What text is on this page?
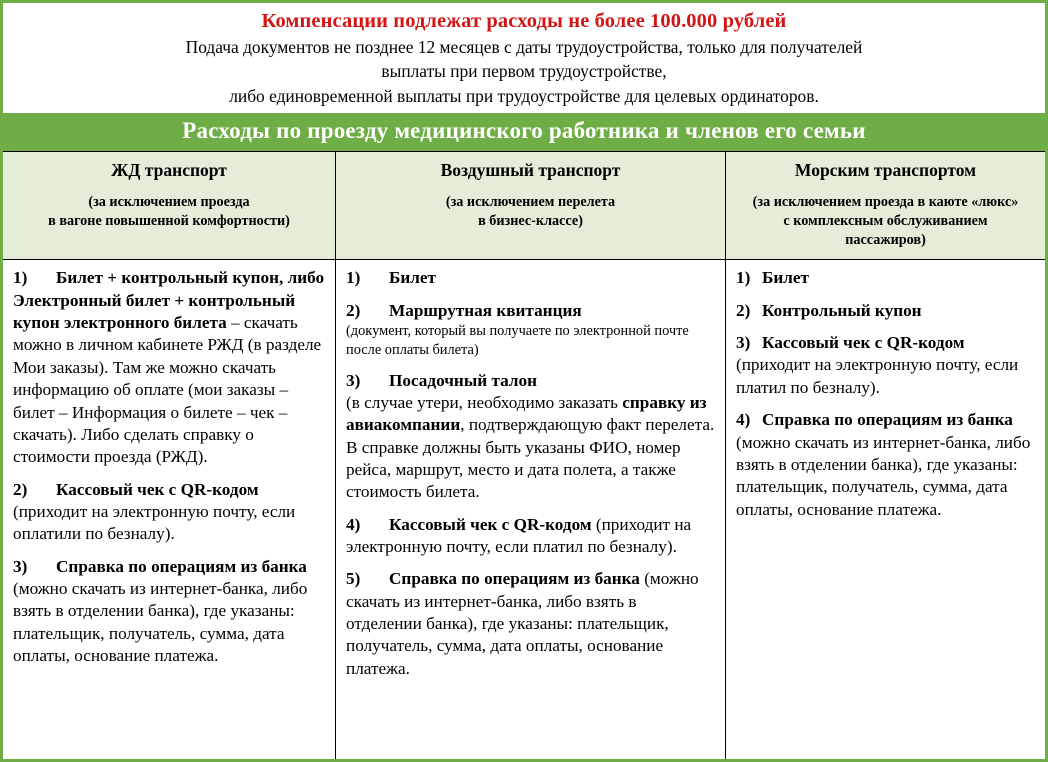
Компенсации подлежат расходы не более 100.000 рублей
Подача документов не позднее 12 месяцев с даты трудоустройства, только для получателей
выплаты при первом трудоустройстве,
либо единовременной выплаты при трудоустройстве для целевых ординаторов.
Расходы по проезду медицинского работника и членов его семьи
ЖД транспорт
(за исключением проезда
в вагоне повышенной комфортности)
Воздушный транспорт
(за исключением перелета
в бизнес-классе)
Морским транспортом
(за исключением проезда в каюте «люкс»
с комплексным обслуживанием
пассажиров)
1) Билет + контрольный купон, либо Электронный билет + контрольный купон электронного билета – скачать можно в личном кабинете РЖД (в разделе Мои заказы). Там же можно скачать информацию об оплате (мои заказы – билет – Информация о билете – чек – скачать). Либо сделать справку о стоимости проезда (РЖД).
2) Кассовый чек с QR-кодом (приходит на электронную почту, если оплатили по безналу).
3) Справка по операциям из банка (можно скачать из интернет-банка, либо взять в отделении банка), где указаны: плательщик, получатель, сумма, дата оплаты, основание платежа.
1) Билет
2) Маршрутная квитанция
(документ, который вы получаете по электронной почте после оплаты билета)
3) Посадочный талон
(в случае утери, необходимо заказать справку из авиакомпании, подтверждающую факт перелета.
В справке должны быть указаны ФИО, номер рейса, маршрут, место и дата полета, а также стоимость билета.
4) Кассовый чек с QR-кодом (приходит на электронную почту, если платил по безналу).
5) Справка по операциям из банка (можно скачать из интернет-банка, либо взять в отделении банка), где указаны: плательщик, получатель, сумма, дата оплаты, основание платежа.
1) Билет
2) Контрольный купон
3) Кассовый чек с QR-кодом
(приходит на электронную почту, если платил по безналу).
4) Справка по операциям из банка
(можно скачать из интернет-банка, либо взять в отделении банка), где указаны: плательщик, получатель, сумма, дата оплаты, основание платежа.
